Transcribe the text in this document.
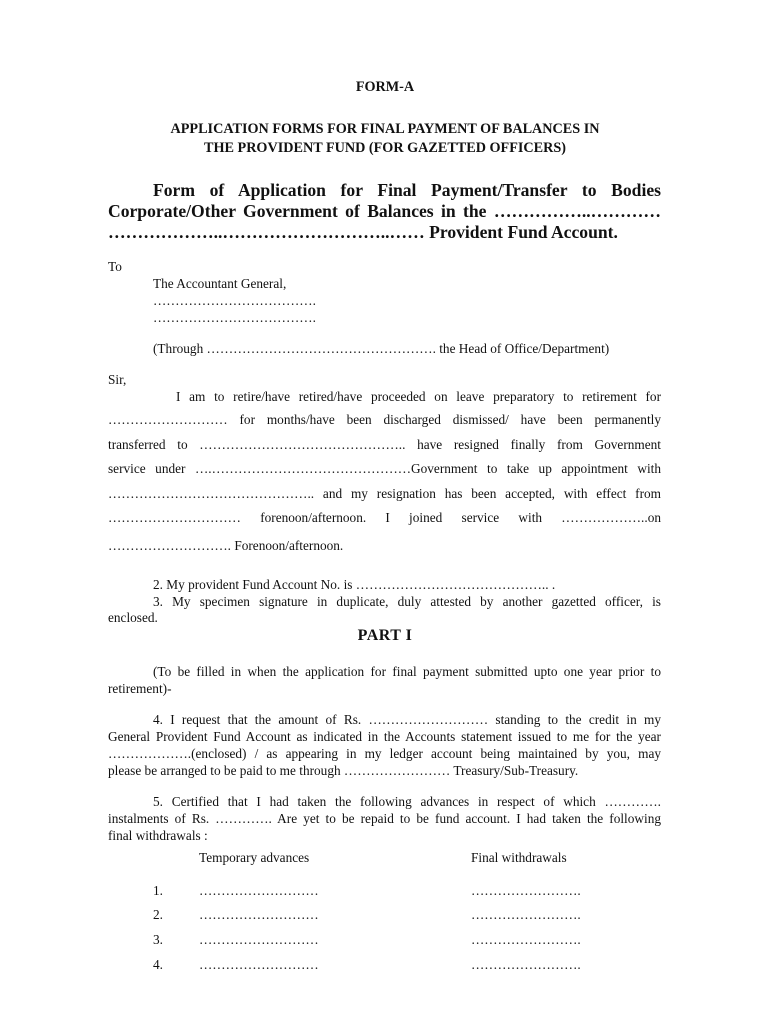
FORM-A
APPLICATION FORMS FOR FINAL PAYMENT OF BALANCES IN
THE PROVIDENT FUND (FOR GAZETTED OFFICERS)
Form of Application for Final Payment/Transfer to Bodies
Corporate/Other Government of Balances in the ……………..…………
………………..………………………..…… Provident Fund Account.
To
The Accountant General,
……………………………….
……………………………….
(Through ……………………………………………. the Head of Office/Department)
Sir,
I am to retire/have retired/have proceeded on leave preparatory to retirement for
……………………… for months/have been discharged dismissed/ have been permanently
transferred to ……………………………………….. have resigned finally from Government
service under ….………………………………………Government to take up appointment with
……………………………………….. and my resignation has been accepted, with effect from
………………………… forenoon/afternoon. I joined service with ………………..on
………………………. Forenoon/afternoon.
2. My provident Fund Account No. is …………………………………….. .
3. My specimen signature in duplicate, duly attested by another gazetted officer, is
enclosed.
PART I
(To be filled in when the application for final payment submitted upto one year prior to
retirement)-
4. I request that the amount of Rs. ……………………… standing to the credit in my
General Provident Fund Account as indicated in the Accounts statement issued to me for the year
……………….(enclosed) / as appearing in my ledger account being maintained by you, may
please be arranged to be paid to me through …………………… Treasury/Sub-Treasury.
5. Certified that I had taken the following advances in respect of which ………….
instalments of Rs. …………. Are yet to be repaid to be fund account. I had taken the following
final withdrawals :
Temporary advances	Final withdrawals
1.	………………………	…………………….
2.	………………………	…………………….
3.	………………………	…………………….
4.	………………………	…………………….
